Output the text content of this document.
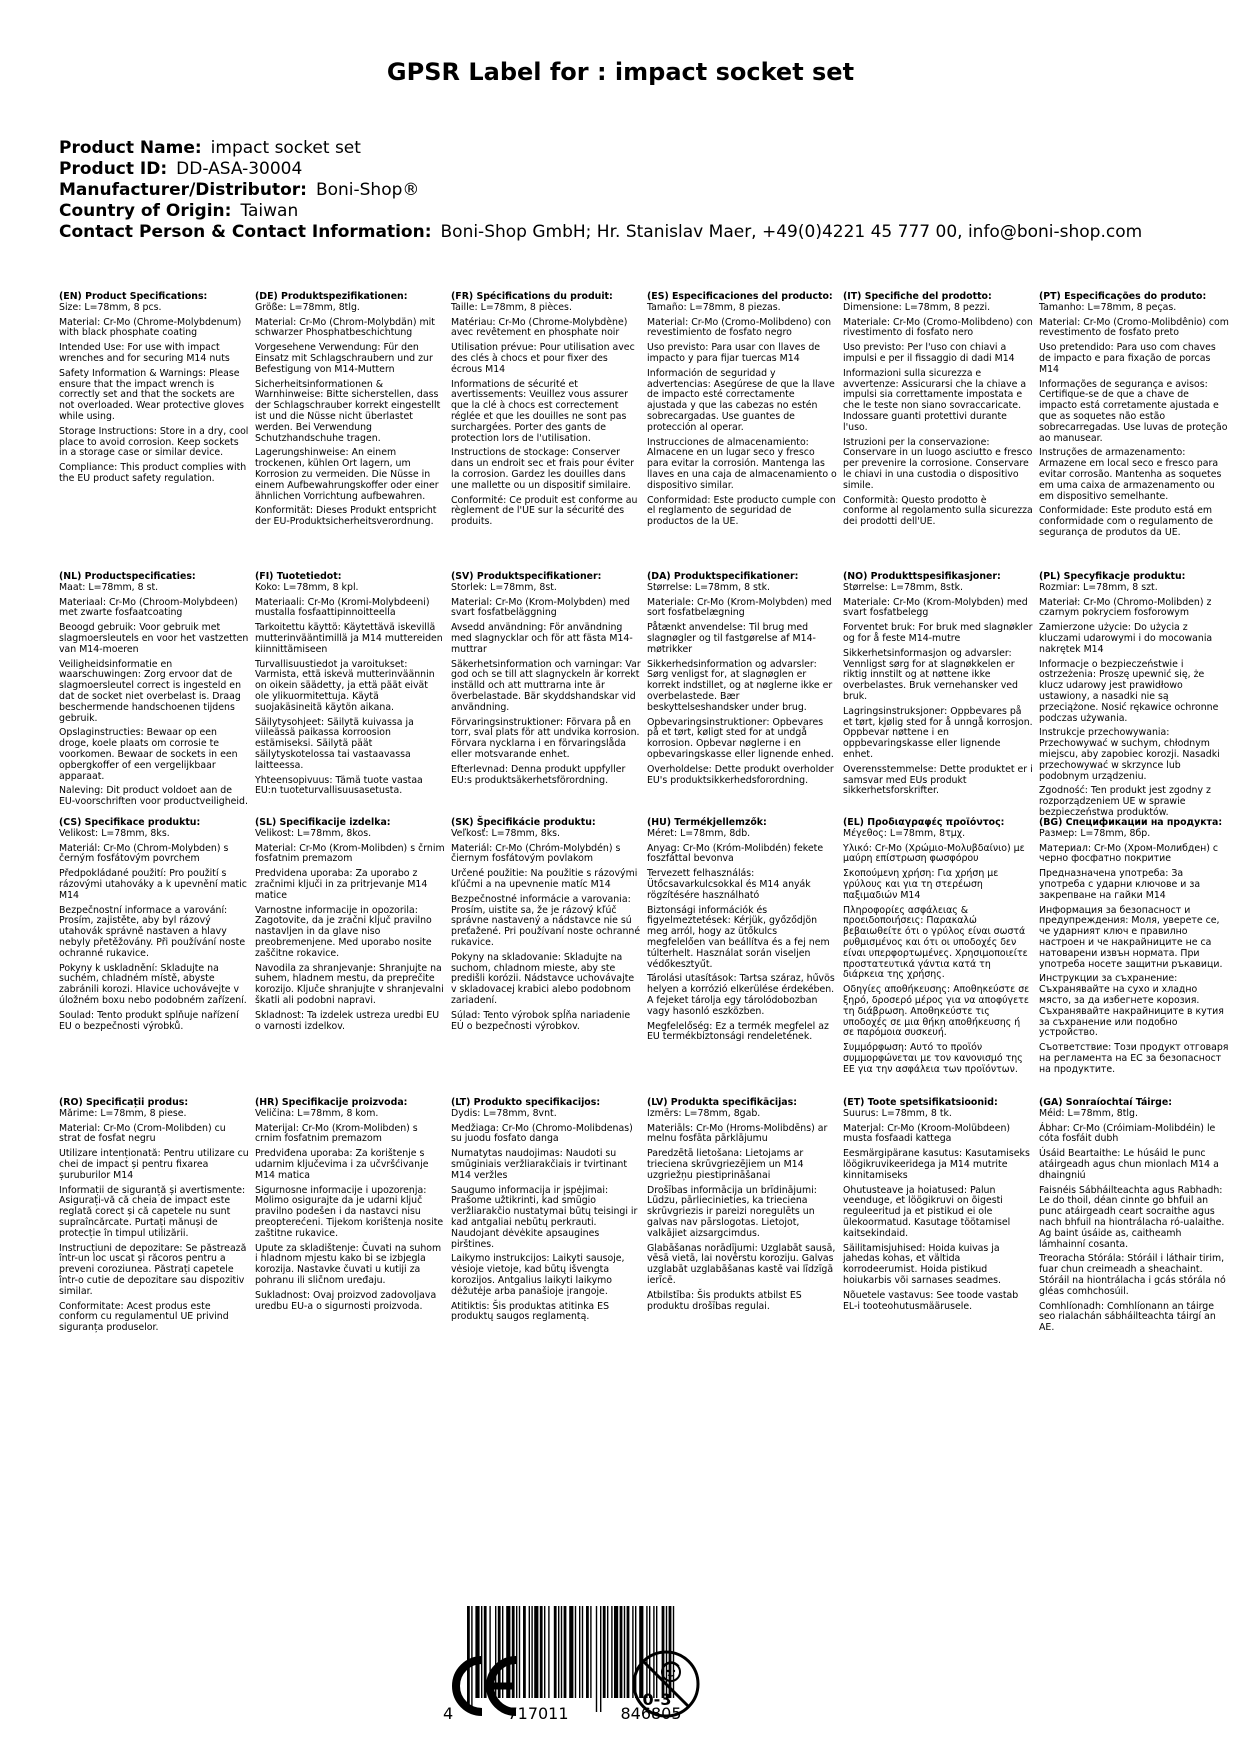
GPSR Label for : impact socket set
Product Name: impact socket set
Product ID: DD-ASA-30004
Manufacturer/Distributor: Boni-Shop®
Country of Origin: Taiwan
Contact Person & Contact Information: Boni-Shop GmbH; Hr. Stanislav Maer, +49(0)4221 45 777 00, info@boni-shop.com

(EN) Product Specifications:
Size: L=78mm, 8 pcs.

Material: Cr-Mo (Chrome-Molybdenum) with black phosphate coating

Intended Use: For use with impact wrenches and for securing M14 nuts

Safety Information & Warnings: Please ensure that the impact wrench is correctly set and that the sockets are not overloaded. Wear protective gloves while using.

Storage Instructions: Store in a dry, cool place to avoid corrosion. Keep sockets in a storage case or similar device.

Compliance: This product complies with the EU product safety regulation.

(DE) Produktspezifikationen:
Größe: L=78mm, 8tlg.

Material: Cr-Mo (Chrom-Molybdän) mit schwarzer Phosphatbeschichtung

Vorgesehene Verwendung: Für den Einsatz mit Schlagschraubern und zur Befestigung von M14-Muttern

Sicherheitsinformationen & Warnhinweise: Bitte sicherstellen, dass der Schlagschrauber korrekt eingestellt ist und die Nüsse nicht überlastet werden. Bei Verwendung Schutzhandschuhe tragen.

Lagerungshinweise: An einem trockenen, kühlen Ort lagern, um Korrosion zu vermeiden. Die Nüsse in einem Aufbewahrungskoffer oder einer ähnlichen Vorrichtung aufbewahren.

Konformität: Dieses Produkt entspricht der EU-Produktsicherheitsverordnung.

(FR) Spécifications du produit:
Taille: L=78mm, 8 pièces.

Matériau: Cr-Mo (Chrome-Molybdène) avec revêtement en phosphate noir

Utilisation prévue: Pour utilisation avec des clés à chocs et pour fixer des écrous M14

Informations de sécurité et avertissements: Veuillez vous assurer que la clé à chocs est correctement réglée et que les douilles ne sont pas surchargées. Porter des gants de protection lors de l'utilisation.

Instructions de stockage: Conserver dans un endroit sec et frais pour éviter la corrosion. Gardez les douilles dans une mallette ou un dispositif similaire.

Conformité: Ce produit est conforme au règlement de l'UE sur la sécurité des produits.

(ES) Especificaciones del producto:
Tamaño: L=78mm, 8 piezas.

Material: Cr-Mo (Cromo-Molibdeno) con revestimiento de fosfato negro

Uso previsto: Para usar con llaves de impacto y para fijar tuercas M14

Información de seguridad y advertencias: Asegúrese de que la llave de impacto esté correctamente ajustada y que las cabezas no estén sobrecargadas. Use guantes de protección al operar.

Instrucciones de almacenamiento: Almacene en un lugar seco y fresco para evitar la corrosión. Mantenga las llaves en una caja de almacenamiento o dispositivo similar.

Conformidad: Este producto cumple con el reglamento de seguridad de productos de la UE.

(IT) Specifiche del prodotto:
Dimensione: L=78mm, 8 pezzi.

Materiale: Cr-Mo (Cromo-Molibdeno) con rivestimento di fosfato nero

Uso previsto: Per l'uso con chiavi a impulsi e per il fissaggio di dadi M14

Informazioni sulla sicurezza e avvertenze: Assicurarsi che la chiave a impulsi sia correttamente impostata e che le teste non siano sovraccaricate. Indossare guanti protettivi durante l'uso.

Istruzioni per la conservazione: Conservare in un luogo asciutto e fresco per prevenire la corrosione. Conservare le chiavi in una custodia o dispositivo simile.

Conformità: Questo prodotto è conforme al regolamento sulla sicurezza dei prodotti dell'UE.

(PT) Especificações do produto:
Tamanho: L=78mm, 8 peças.

Material: Cr-Mo (Cromo-Molibdênio) com revestimento de fosfato preto

Uso pretendido: Para uso com chaves de impacto e para fixação de porcas M14

Informações de segurança e avisos: Certifique-se de que a chave de impacto está corretamente ajustada e que as soquetes não estão sobrecarregadas. Use luvas de proteção ao manusear.

Instruções de armazenamento: Armazene em local seco e fresco para evitar corrosão. Mantenha as soquetes em uma caixa de armazenamento ou em dispositivo semelhante.

Conformidade: Este produto está em conformidade com o regulamento de segurança de produtos da UE.

(NL) Productspecificaties:
Maat: L=78mm, 8 st.

Materiaal: Cr-Mo (Chroom-Molybdeen) met zwarte fosfaatcoating

Beoogd gebruik: Voor gebruik met slagmoersleutels en voor het vastzetten van M14-moeren

Veiligheidsinformatie en waarschuwingen: Zorg ervoor dat de slagmoersleutel correct is ingesteld en dat de socket niet overbelast is. Draag beschermende handschoenen tijdens gebruik.

Opslaginstructies: Bewaar op een droge, koele plaats om corrosie te voorkomen. Bewaar de sockets in een opbergkoffer of een vergelijkbaar apparaat.

Naleving: Dit product voldoet aan de EU-voorschriften voor productveiligheid.

(FI) Tuotetiedot:
Koko: L=78mm, 8 kpl.

Materiaali: Cr-Mo (Kromi-Molybdeeni) mustalla fosfaattipinnoitteella

Tarkoitettu käyttö: Käytettävä iskevillä mutterinvääntimillä ja M14 muttereiden kiinnittämiseen

Turvallisuustiedot ja varoitukset: Varmista, että iskevä mutterinväännin on oikein säädetty, ja että päät eivät ole ylikuormitettuja. Käytä suojakäsineitä käytön aikana.

Säilytysohjeet: Säilytä kuivassa ja viileässä paikassa korroosion estämiseksi. Säilytä päät säilytyskotelossa tai vastaavassa laitteessa.

Yhteensopivuus: Tämä tuote vastaa EU:n tuoteturvallisuusasetusta.

(SV) Produktspecifikationer:
Storlek: L=78mm, 8st.

Material: Cr-Mo (Krom-Molybden) med svart fosfatbeläggning

Avsedd användning: För användning med slagnycklar och för att fästa M14-muttrar

Säkerhetsinformation och varningar: Var god och se till att slagnyckeln är korrekt inställd och att muttrarna inte är överbelastade. Bär skyddshandskar vid användning.

Förvaringsinstruktioner: Förvara på en torr, sval plats för att undvika korrosion. Förvara nycklarna i en förvaringslåda eller motsvarande enhet.

Efterlevnad: Denna produkt uppfyller EU:s produktsäkerhetsförordning.

(DA) Produktspecifikationer:
Størrelse: L=78mm, 8 stk.

Materiale: Cr-Mo (Krom-Molybden) med sort fosfatbelægning

Påtænkt anvendelse: Til brug med slagnøgler og til fastgørelse af M14-møtrikker

Sikkerhedsinformation og advarsler: Sørg venligst for, at slagnøglen er korrekt indstillet, og at nøglerne ikke er overbelastede. Bær beskyttelseshandsker under brug.

Opbevaringsinstruktioner: Opbevares på et tørt, køligt sted for at undgå korrosion. Opbevar nøglerne i en opbevaringskasse eller lignende enhed.

Overholdelse: Dette produkt overholder EU's produktsikkerhedsforordning.

(NO) Produkttspesifikasjoner:
Størrelse: L=78mm, 8stk.

Materiale: Cr-Mo (Krom-Molybden) med svart fosfatbelegg

Forventet bruk: For bruk med slagnøkler og for å feste M14-mutre

Sikkerhetsinformasjon og advarsler: Vennligst sørg for at slagnøkkelen er riktig innstilt og at nøttene ikke overbelastes. Bruk vernehansker ved bruk.

Lagringsinstruksjoner: Oppbevares på et tørt, kjølig sted for å unngå korrosjon. Oppbevar nøttene i en oppbevaringskasse eller lignende enhet.

Overensstemmelse: Dette produktet er i samsvar med EUs produkt sikkerhetsforskrifter.

(PL) Specyfikacje produktu:
Rozmiar: L=78mm, 8 szt.

Materiał: Cr-Mo (Chromo-Molibden) z czarnym pokryciem fosforowym

Zamierzone użycie: Do użycia z kluczami udarowymi i do mocowania nakrętek M14

Informacje o bezpieczeństwie i ostrzeżenia: Proszę upewnić się, że klucz udarowy jest prawidłowo ustawiony, a nasadki nie są przeciążone. Nosić rękawice ochronne podczas używania.

Instrukcje przechowywania: Przechowywać w suchym, chłodnym miejscu, aby zapobiec korozji. Nasadki przechowywać w skrzynce lub podobnym urządzeniu.

Zgodność: Ten produkt jest zgodny z rozporządzeniem UE w sprawie bezpieczeństwa produktów.

(CS) Specifikace produktu:
Velikost: L=78mm, 8ks.

Materiál: Cr-Mo (Chrom-Molybden) s černým fosfátovým povrchem

Předpokládané použití: Pro použití s rázovými utahováky a k upevnění matic M14

Bezpečnostní informace a varování: Prosím, zajistěte, aby byl rázový utahovák správně nastaven a hlavy nebyly přetěžovány. Při používání noste ochranné rukavice.

Pokyny k uskladnění: Skladujte na suchém, chladném místě, abyste zabránili korozi. Hlavice uchovávejte v úložném boxu nebo podobném zařízení.

Soulad: Tento produkt splňuje nařízení EU o bezpečnosti výrobků.

(SL) Specifikacije izdelka:
Velikost: L=78mm, 8kos.

Material: Cr-Mo (Krom-Molibden) s črnim fosfatnim premazom

Predvidena uporaba: Za uporabo z zračnimi ključi in za pritrjevanje M14 matice

Varnostne informacije in opozorila: Zagotovite, da je zračni ključ pravilno nastavljen in da glave niso preobremenjene. Med uporabo nosite zaščitne rokavice.

Navodila za shranjevanje: Shranjujte na suhem, hladnem mestu, da preprečite korozijo. Ključe shranjujte v shranjevalni škatli ali podobni napravi.

Skladnost: Ta izdelek ustreza uredbi EU o varnosti izdelkov.

(SK) Špecifikácie produktu:
Veľkosť: L=78mm, 8ks.

Materiál: Cr-Mo (Chróm-Molybdén) s čiernym fosfátovým povlakom

Určené použitie: Na použitie s rázovými kľúčmi a na upevnenie matíc M14

Bezpečnostné informácie a varovania: Prosím, uistite sa, že je rázový kľúč správne nastavený a nádstavce nie sú preťažené. Pri používaní noste ochranné rukavice.

Pokyny na skladovanie: Skladujte na suchom, chladnom mieste, aby ste predišli korózii. Nádstavce uchovávajte v skladovacej krabici alebo podobnom zariadení.

Súlad: Tento výrobok spĺňa nariadenie EÚ o bezpečnosti výrobkov.

(HU) Termékjellemzők:
Méret: L=78mm, 8db.

Anyag: Cr-Mo (Króm-Molibdén) fekete foszfáttal bevonva

Tervezett felhasználás: Ütőcsavarkulcsokkal és M14 anyák rögzítésére használható

Biztonsági információk és figyelmeztetések: Kérjük, győződjön meg arról, hogy az ütőkulcs megfelelően van beállítva és a fej nem túlterhelt. Használat során viseljen védőkesztyűt.

Tárolási utasítások: Tartsa száraz, hűvös helyen a korrózió elkerülése érdekében. A fejeket tárolja egy tárolódobozban vagy hasonló eszközben.

Megfelelőség: Ez a termék megfelel az EU termékbiztonsági rendeletének.

(EL) Προδιαγραφές προϊόντος:
Μέγεθος: L=78mm, 8τμχ.

Υλικό: Cr-Mo (Χρώμιο-Μολυβδαίνιο) με μαύρη επίστρωση φωσφόρου

Σκοπούμενη χρήση: Για χρήση με γρύλους και για τη στερέωση παξιμαδιών M14

Πληροφορίες ασφάλειας & προειδοποιήσεις: Παρακαλώ βεβαιωθείτε ότι ο γρύλος είναι σωστά ρυθμισμένος και ότι οι υποδοχές δεν είναι υπερφορτωμένες. Χρησιμοποιείτε προστατευτικά γάντια κατά τη διάρκεια της χρήσης.

Οδηγίες αποθήκευσης: Αποθηκεύστε σε ξηρό, δροσερό μέρος για να αποφύγετε τη διάβρωση. Αποθηκεύστε τις υποδοχές σε μια θήκη αποθήκευσης ή σε παρόμοια συσκευή.

Συμμόρφωση: Αυτό το προϊόν συμμορφώνεται με τον κανονισμό της ΕΕ για την ασφάλεια των προϊόντων.

(BG) Спецификации на продукта:
Размер: L=78mm, 8бр.

Материал: Cr-Mo (Хром-Молибден) с черно фосфатно покритие

Предназначена употреба: За употреба с ударни ключове и за закрепване на гайки M14

Информация за безопасност и предупреждения: Моля, уверете се, че ударният ключ е правилно настроен и че накрайниците не са натоварени извън нормата. При употреба носете защитни ръкавици.

Инструкции за съхранение: Съхранявайте на сухо и хладно място, за да избегнете корозия. Съхранявайте накрайниците в кутия за съхранение или подобно устройство.

Съответствие: Този продукт отговаря на регламента на ЕС за безопасност на продуктите.

(RO) Specificații produs:
Mărime: L=78mm, 8 piese.

Material: Cr-Mo (Crom-Molibden) cu strat de fosfat negru

Utilizare intenționată: Pentru utilizare cu chei de impact și pentru fixarea șuruburilor M14

Informații de siguranță și avertismente: Asigurați-vă că cheia de impact este reglată corect și că capetele nu sunt supraîncărcate. Purtați mănuși de protecție în timpul utilizării.

Instrucțiuni de depozitare: Se păstrează într-un loc uscat și răcoros pentru a preveni coroziunea. Păstrați capetele într-o cutie de depozitare sau dispozitiv similar.

Conformitate: Acest produs este conform cu regulamentul UE privind siguranța produselor.

(HR) Specifikacije proizvoda:
Veličina: L=78mm, 8 kom.

Materijal: Cr-Mo (Krom-Molibden) s crnim fosfatnim premazom

Predviđena uporaba: Za korištenje s udarnim ključevima i za učvršćivanje M14 matica

Sigurnosne informacije i upozorenja: Molimo osigurajte da je udarni ključ pravilno podešen i da nastavci nisu preopterećeni. Tijekom korištenja nosite zaštitne rukavice.

Upute za skladištenje: Čuvati na suhom i hladnom mjestu kako bi se izbjegla korozija. Nastavke čuvati u kutiji za pohranu ili sličnom uređaju.

Sukladnost: Ovaj proizvod zadovoljava uredbu EU-a o sigurnosti proizvoda.

(LT) Produkto specifikacijos:
Dydis: L=78mm, 8vnt.

Medžiaga: Cr-Mo (Chromo-Molibdenas) su juodu fosfato danga

Numatytas naudojimas: Naudoti su smūginiais veržliarakčiais ir tvirtinant M14 veržles

Saugumo informacija ir įspėjimai: Prašome užtikrinti, kad smūgio veržliarakčio nustatymai būtų teisingi ir kad antgaliai nebūtų perkrauti. Naudojant dėvėkite apsaugines pirštines.

Laikymo instrukcijos: Laikyti sausoje, vėsioje vietoje, kad būtų išvengta korozijos. Antgalius laikyti laikymo dėžutėje arba panašioje įrangoje.

Atitiktis: Šis produktas atitinka ES produktų saugos reglamentą.

(LV) Produkta specifikācijas:
Izmērs: L=78mm, 8gab.

Materiāls: Cr-Mo (Hroms-Molibdēns) ar melnu fosfāta pārklājumu

Paredzētā lietošana: Lietojams ar trieciena skrūvgriezējiem un M14 uzgriežņu piestiprināšanai

Drošības informācija un brīdinājumi: Lūdzu, pārliecinieties, ka trieciena skrūvgriezis ir pareizi noregulēts un galvas nav pārslogotas. Lietojot, valkājiet aizsargcimdus.

Glabāšanas norādījumi: Uzglabāt sausā, vēsā vietā, lai novērstu koroziju. Galvas uzglabāt uzglabāšanas kastē vai līdzīgā ierīcē.

Atbilstība: Šis produkts atbilst ES produktu drošības regulai.

(ET) Toote spetsifikatsioonid:
Suurus: L=78mm, 8 tk.

Materjal: Cr-Mo (Kroom-Molübdeen) musta fosfaadi kattega

Eesmärgipärane kasutus: Kasutamiseks löögikruvikeeridega ja M14 mutrite kinnitamiseks

Ohutusteave ja hoiatused: Palun veenduge, et löögikruvi on õigesti reguleeritud ja et pistikud ei ole ülekoormatud. Kasutage töötamisel kaitsekindaid.

Säilitamisjuhised: Hoida kuivas ja jahedas kohas, et vältida korrodeerumist. Hoida pistikud hoiukarbis või sarnases seadmes.

Nõuetele vastavus: See toode vastab EL-i tooteohutusmäärusele.

(GA) Sonraíochtaí Táirge:
Méid: L=78mm, 8tlg.

Ábhar: Cr-Mo (Cróimiam-Molibdéin) le cóta fosfáit dubh

Úsáid Beartaithe: Le húsáid le punc atáirgeadh agus chun mionlach M14 a dhaingniú

Faisnéis Sábháilteachta agus Rabhadh: Le do thoil, déan cinnte go bhfuil an punc atáirgeadh ceart socraithe agus nach bhfuil na hiontrálacha ró-ualaithe. Ag baint úsáide as, caitheamh lámhainní cosanta.

Treoracha Stórála: Stóráil i láthair tirim, fuar chun creimeadh a sheachaint. Stóráil na hiontrálacha i gcás stórála nó gléas comhchosúil.

Comhlíonadh: Comhlíonann an táirge seo rialachán sábháilteachta táirgí an AE.

4	717011	846805
0-3
